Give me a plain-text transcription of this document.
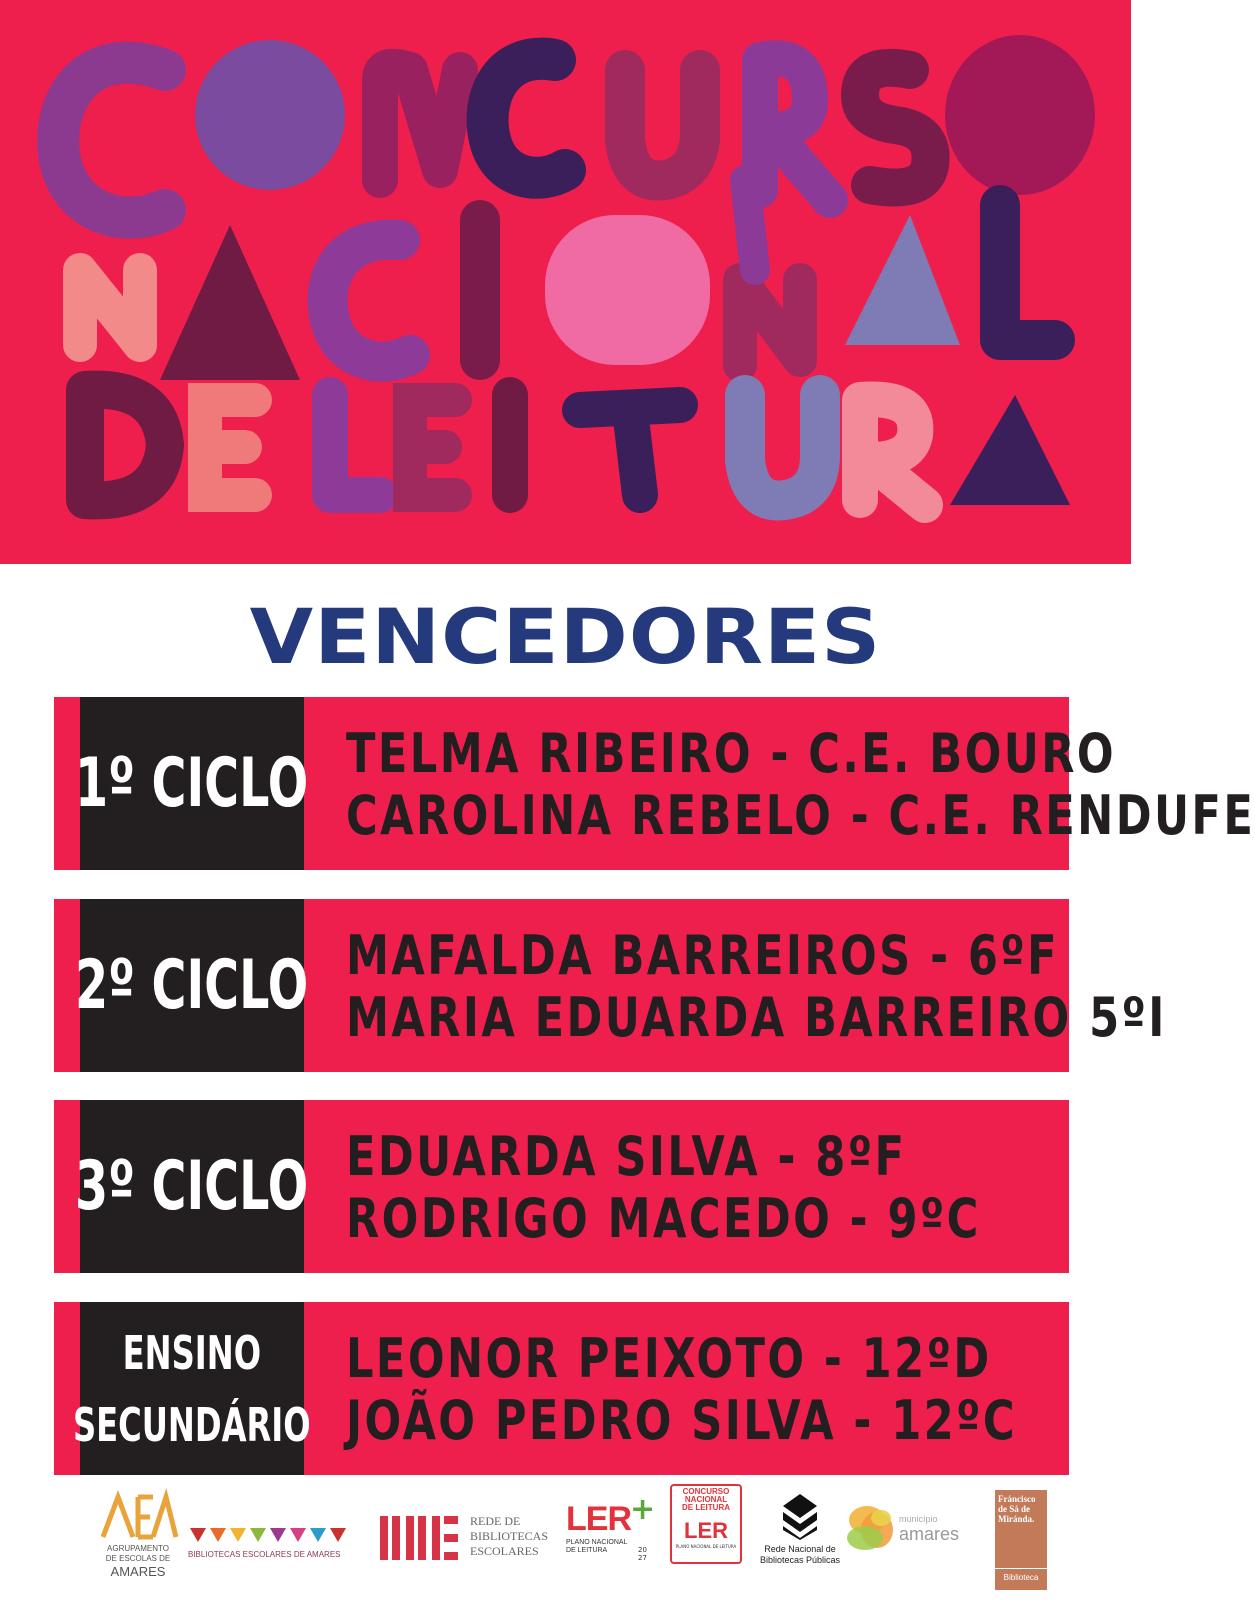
VENCEDORES
1º CICLO TELMA RIBEIRO - C.E. BOURO
CAROLINA REBELO - C.E. RENDUFE
2º CICLO MAFALDA BARREIROS - 6ºF
MARIA EDUARDA BARREIRO 5ºI
3º CICLO EDUARDA SILVA - 8ºF
RODRIGO MACEDO - 9ºC
ENSINO
SECUNDÁRIO
LEONOR PEIXOTO - 12ºD
JOÃO PEDRO SILVA - 12ºC
AGRUPAMENTO
DE ESCOLAS DE
AMARES
BIBLIOTECAS ESCOLARES DE AMARES
REDE DE
BIBLIOTECAS
ESCOLARES
LER +
PLANO NACIONAL
DE LEITURA	2027
CONCURSO
NACIONAL
DE LEITURA
LER
PLANO NACIONAL DE LEITURA	Rede Nacional de
Bibliotecas Públicas
município
amares
Fráncisco
de Sá de
Miránda.
Biblioteca
